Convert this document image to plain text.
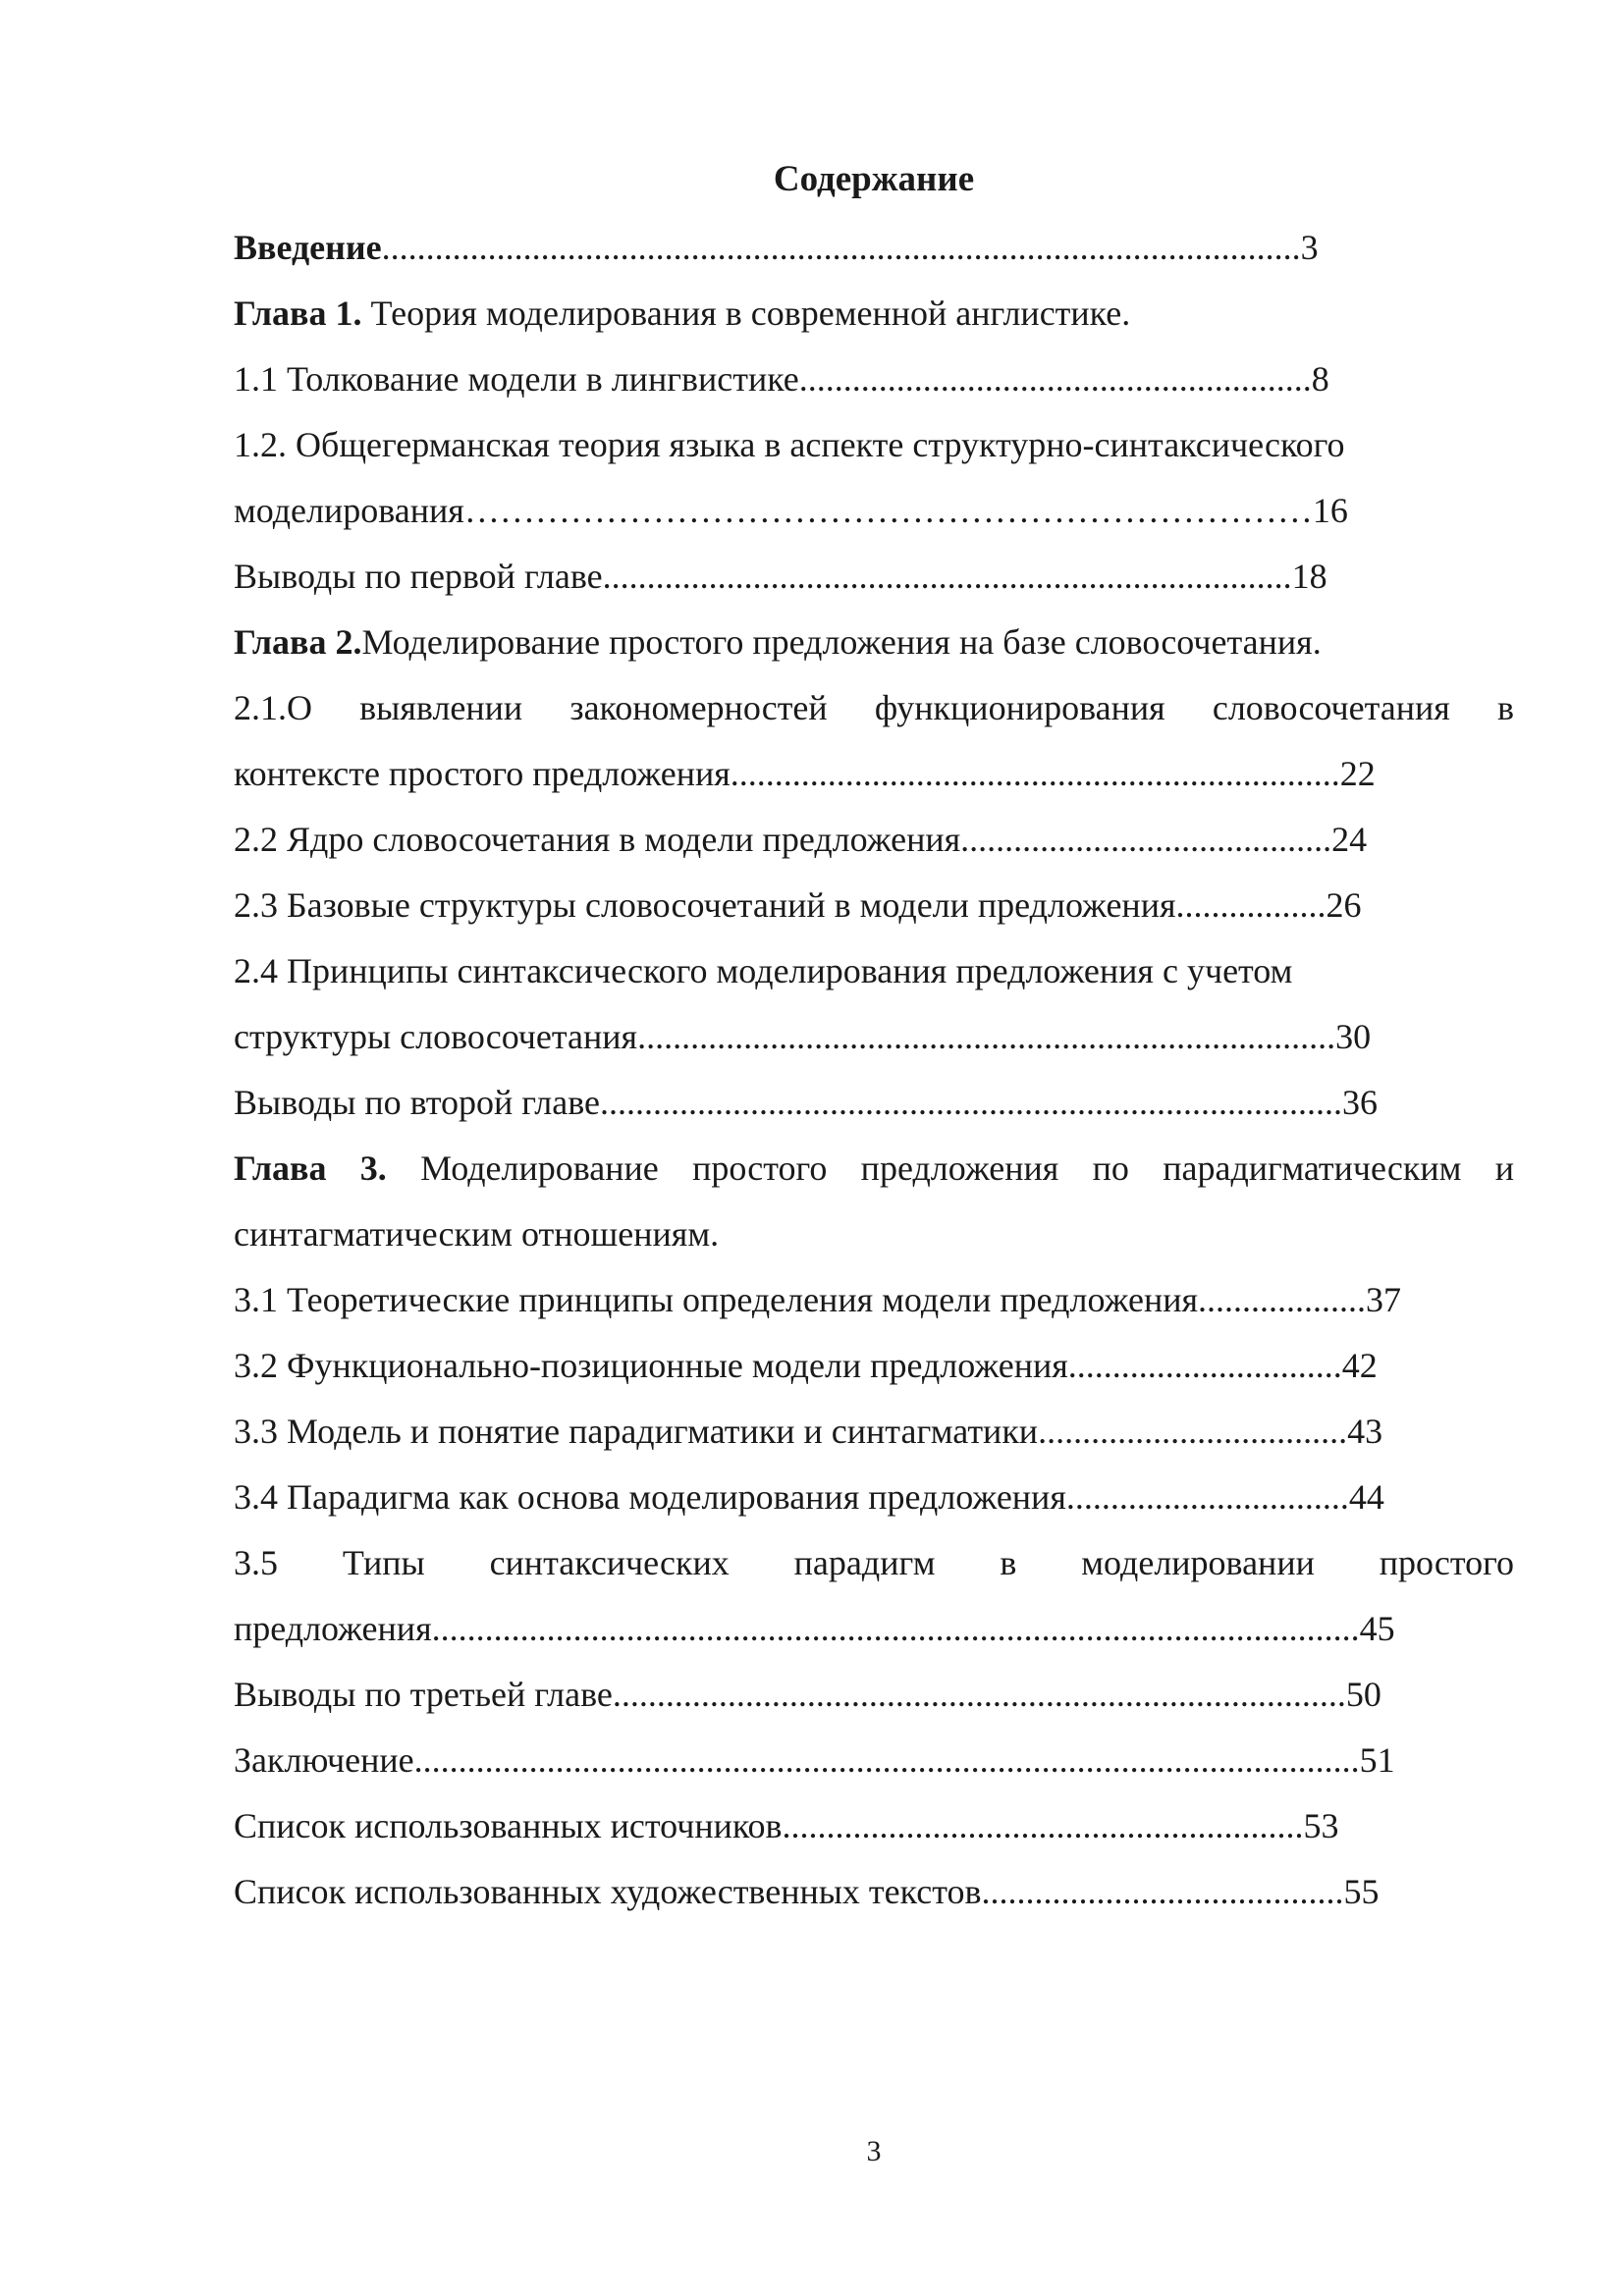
Содержание
Введение........................................................................................................3
Глава 1. Теория моделирования в современной англистике.
1.1 Толкование модели в лингвистике..........................................................8
1.2. Общегерманская теория языка в аспекте структурно-синтаксического
моделирования………………………………………………………………16
Выводы по первой главе..............................................................................18
Глава 2.Моделирование простого предложения на базе словосочетания.
2.1.О выявлении закономерностей функционирования словосочетания в
контексте простого предложения.....................................................................22
2.2 Ядро словосочетания в модели предложения..........................................24
2.3 Базовые структуры словосочетаний в модели предложения.................26
2.4 Принципы синтаксического моделирования предложения с учетом
структуры словосочетания...............................................................................30
Выводы по второй главе....................................................................................36
Глава 3. Моделирование простого предложения по парадигматическим и
синтагматическим отношениям.
3.1 Теоретические принципы определения модели предложения...................37
3.2 Функционально-позиционные модели предложения...............................42
3.3 Модель и понятие парадигматики и синтагматики...................................43
3.4 Парадигма как основа моделирования предложения................................44
3.5 Типы синтаксических парадигм в моделировании простого
предложения.........................................................................................................45
Выводы по третьей главе...................................................................................50
Заключение...........................................................................................................51
Список использованных источников...........................................................53
Список использованных художественных текстов.........................................55

3
